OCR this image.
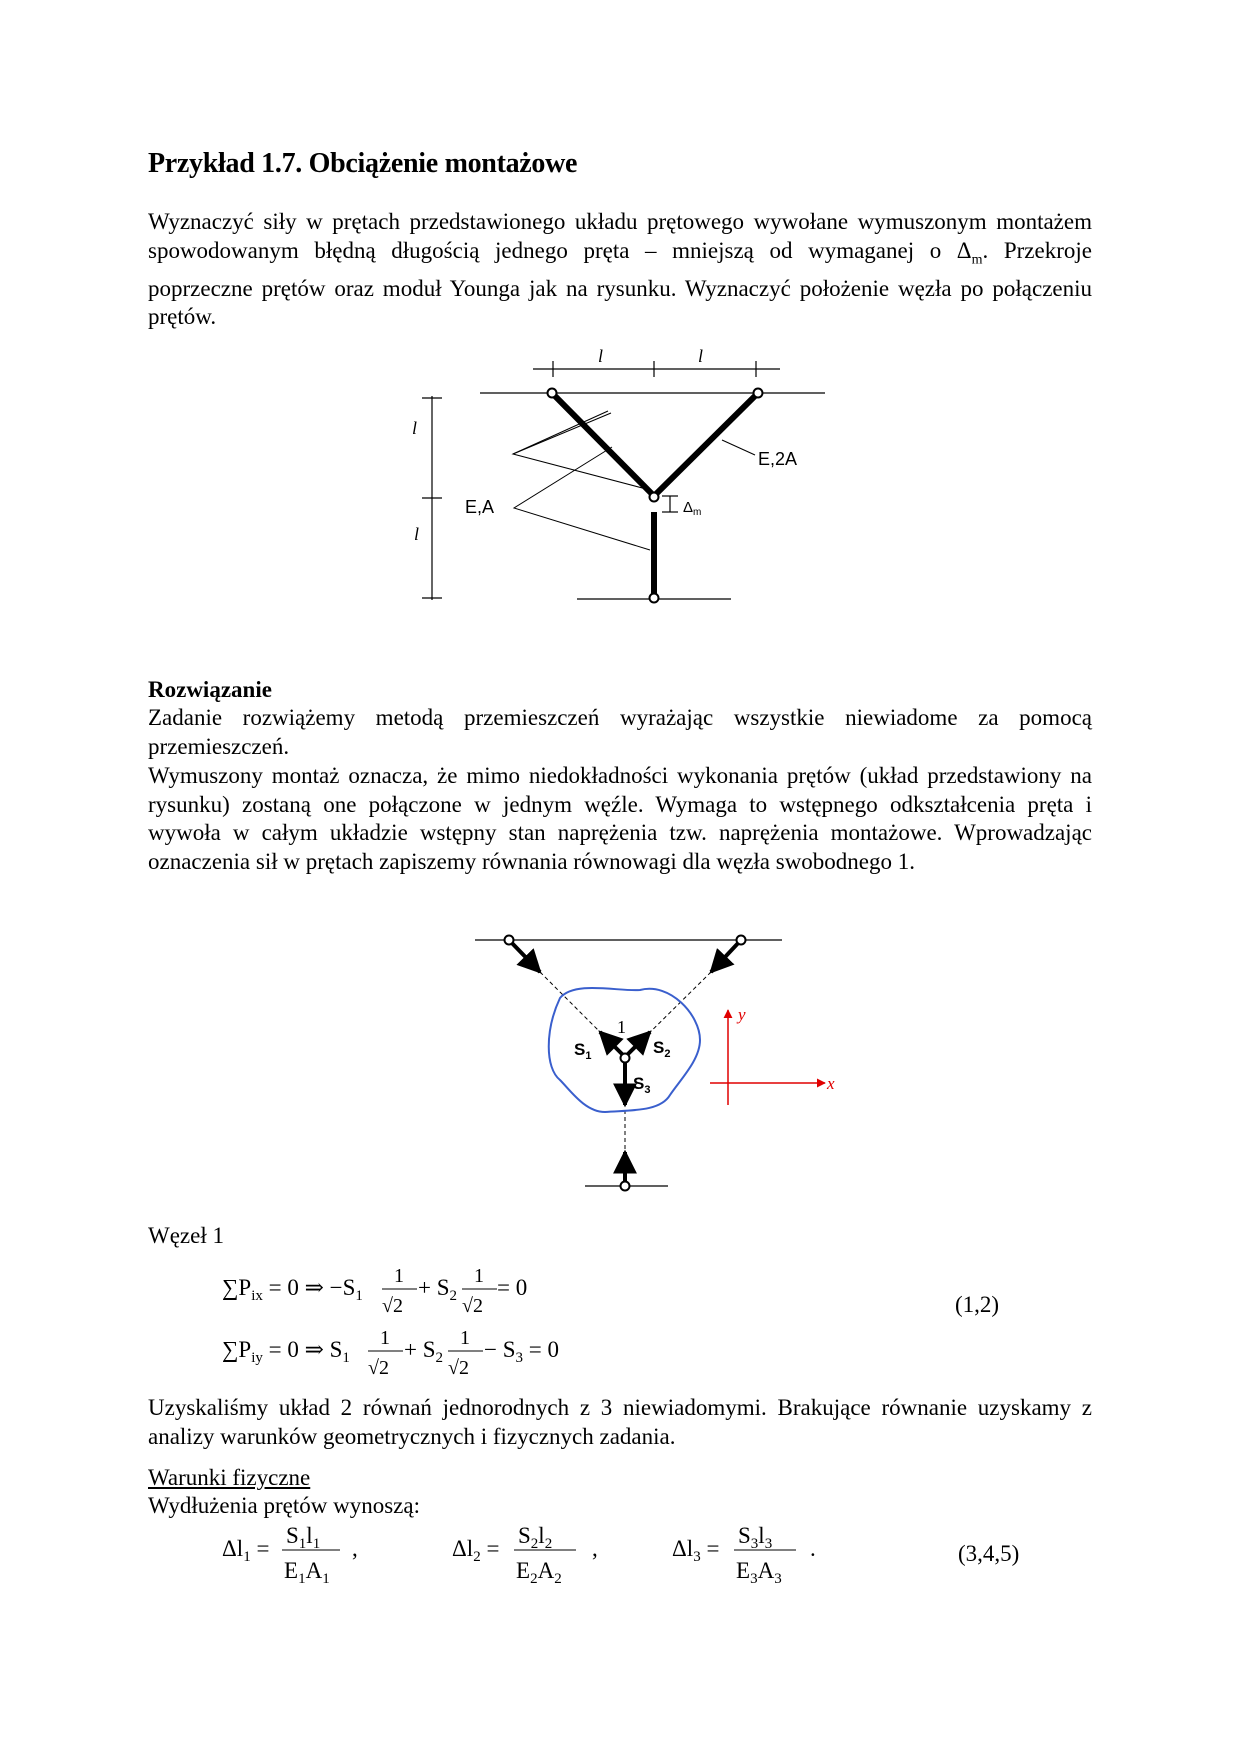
Przykład 1.7. Obciążenie montażowe

Wyznaczyć siły w prętach przedstawionego układu prętowego wywołane wymuszonym montażem spowodowanym błędną długością jednego pręta – mniejszą od wymaganej o $\Delta_m$. Przekroje poprzeczne prętów oraz moduł Younga jak na rysunku. Wyznaczyć położenie węzła po połączeniu prętów.

l	l
l
l
E,A
E,2A
$\Delta_m$

Rozwiązanie

Zadanie rozwiążemy metodą przemieszczeń wyrażając wszystkie niewiadome za pomocą przemieszczeń.

Wymuszony montaż oznacza, że mimo niedokładności wykonania prętów (układ przedstawiony na rysunku) zostaną one połączone w jednym węźle. Wymaga to wstępnego odkształcenia pręta i wywoła w całym układzie wstępny stan naprężenia tzw. naprężenia montażowe. Wprowadzając oznaczenia sił w prętach zapiszemy równania równowagi dla węzła swobodnego 1.

y
x
1
$S_1$	$S_2$
$S_3$

Węzeł 1

$\sum P_{ix} = 0$ ⇒ $-S_1$
1
√2
+ $S_2$
1
√2
= 0
(1,2)
$\sum P_{iy} = 0$ ⇒ $S_1$
1
√2
+ $S_2$
1
√2
− $S_3 = 0$

Uzyskaliśmy układ 2 równań jednorodnych z 3 niewiadomymi. Brakujące równanie uzyskamy z analizy warunków geometrycznych i fizycznych zadania.

Warunki fizyczne

Wydłużenia prętów wynoszą:

$\Delta l_1$ =
$S_1l_1$
$E_1A_1$
,	$\Delta l_2$ =
$S_2l_2$
$E_2A_2$
,	$\Delta l_3$ =
$S_3l_3$
$E_3A_3$
.	(3,4,5)
